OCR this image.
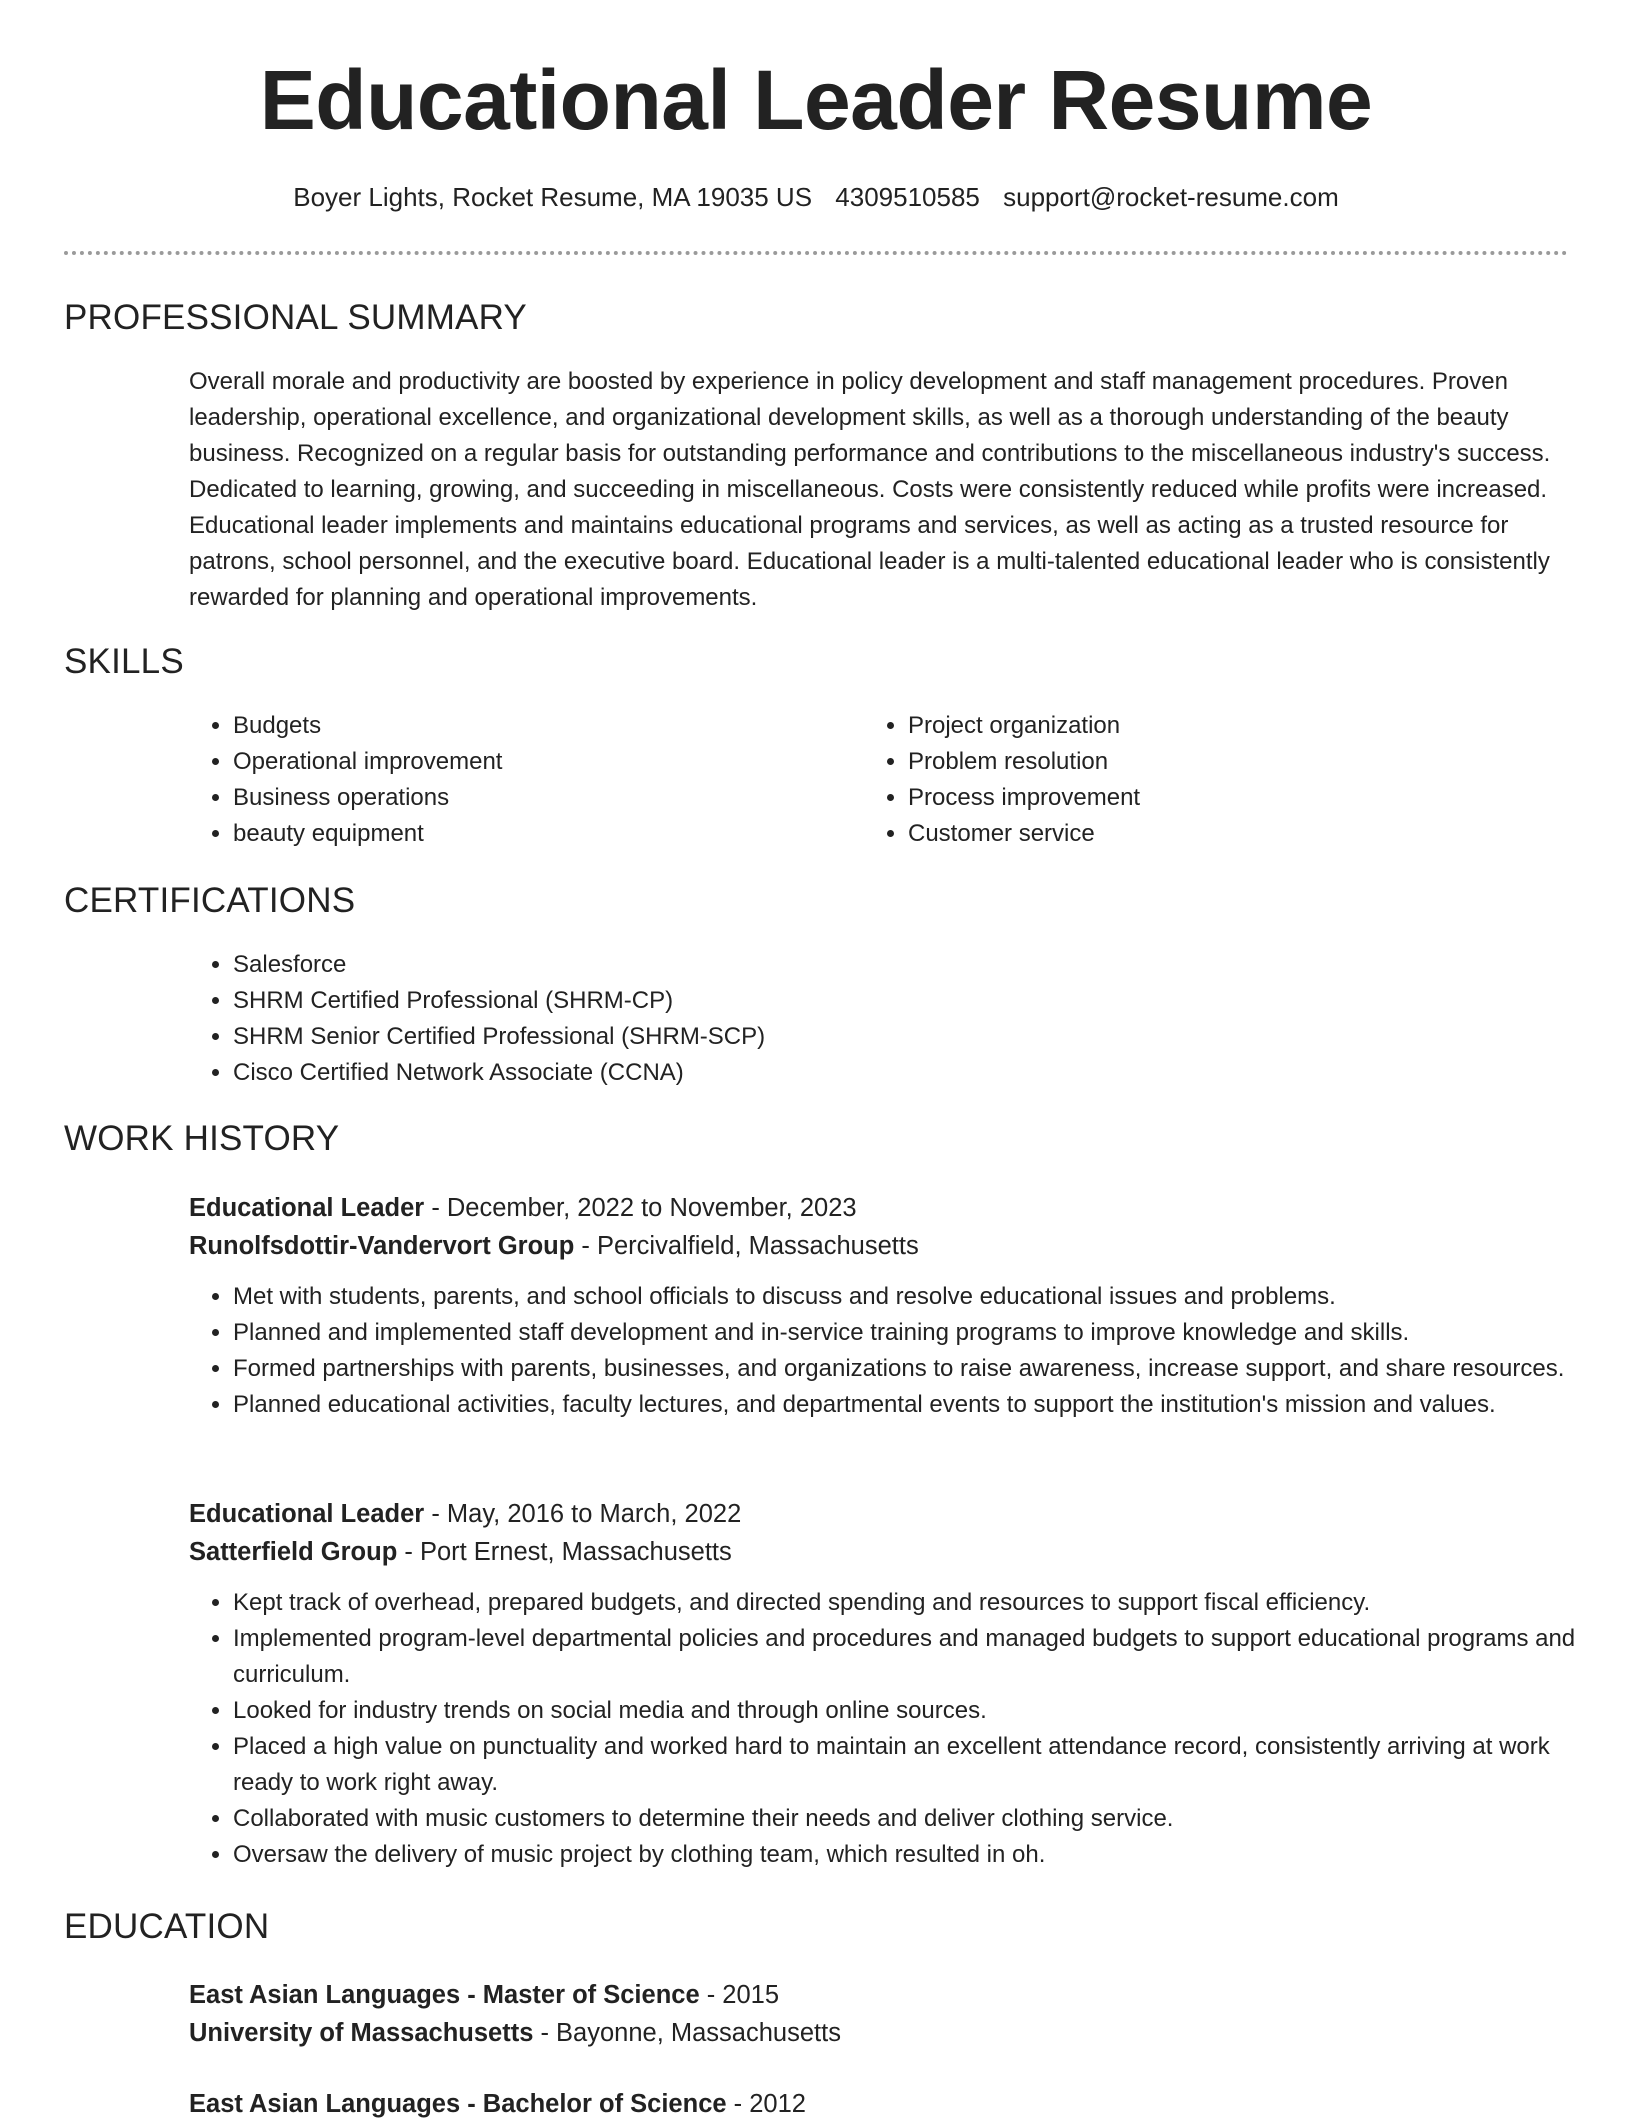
Educational Leader Resume
Boyer Lights, Rocket Resume, MA 19035 US 4309510585 support@rocket-resume.com
PROFESSIONAL SUMMARY

Overall morale and productivity are boosted by experience in policy development and staff management procedures. Proven leadership, operational excellence, and organizational development skills, as well as a thorough understanding of the beauty business. Recognized on a regular basis for outstanding performance and contributions to the miscellaneous industry's success. Dedicated to learning, growing, and succeeding in miscellaneous. Costs were consistently reduced while profits were increased. Educational leader implements and maintains educational programs and services, as well as acting as a trusted resource for patrons, school personnel, and the executive board. Educational leader is a multi-talented educational leader who is consistently rewarded for planning and operational improvements.

SKILLS
• Budgets
• Operational improvement
• Business operations
• beauty equipment
• Project organization
• Problem resolution
• Process improvement
• Customer service
CERTIFICATIONS
• Salesforce
• SHRM Certified Professional (SHRM-CP)
• SHRM Senior Certified Professional (SHRM-SCP)
• Cisco Certified Network Associate (CCNA)
WORK HISTORY
Educational Leader - December, 2022 to November, 2023
Runolfsdottir-Vandervort Group - Percivalfield, Massachusetts
• Met with students, parents, and school officials to discuss and resolve educational issues and problems.
• Planned and implemented staff development and in-service training programs to improve knowledge and skills.
• Formed partnerships with parents, businesses, and organizations to raise awareness, increase support, and share resources.
• Planned educational activities, faculty lectures, and departmental events to support the institution's mission and values.
Educational Leader - May, 2016 to March, 2022
Satterfield Group - Port Ernest, Massachusetts
• Kept track of overhead, prepared budgets, and directed spending and resources to support fiscal efficiency.
• Implemented program-level departmental policies and procedures and managed budgets to support educational programs and curriculum.
• Looked for industry trends on social media and through online sources.
• Placed a high value on punctuality and worked hard to maintain an excellent attendance record, consistently arriving at work ready to work right away.
• Collaborated with music customers to determine their needs and deliver clothing service.
• Oversaw the delivery of music project by clothing team, which resulted in oh.
EDUCATION
East Asian Languages - Master of Science - 2015
University of Massachusetts - Bayonne, Massachusetts
East Asian Languages - Bachelor of Science - 2012
